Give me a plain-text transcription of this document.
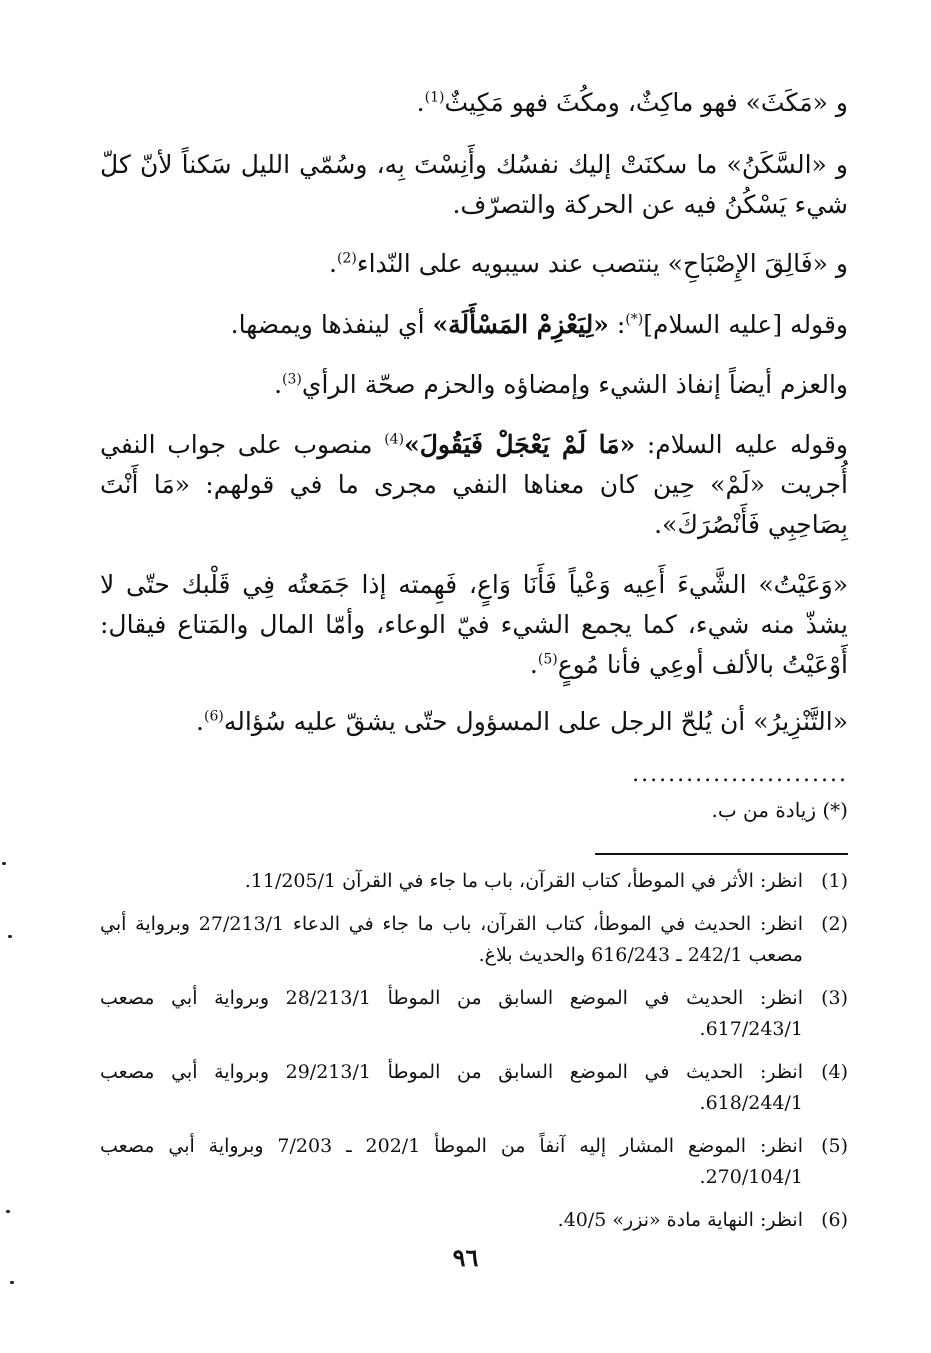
و «مَكَثَ» فهو ماكِثٌ، ومكُثَ فهو مَكِيثٌ$^{(1)}$.

و «السَّكَنُ» ما سكنَتْ إليك نفسُك وأَنِسْتَ بِه، وسُمّي الليل سَكناً لأنّ كلّ شيء يَسْكُنُ فيه عن الحركة والتصرّف.

و «فَالِقَ الإِصْبَاحِ» ينتصب عند سيبويه على النّداء$^{(2)}$.

وقوله [عليه السلام](*): «لِيَعْزِمْ المَسْأَلَة» أي لينفذها ويمضها.

والعزم أيضاً إنفاذ الشيء وإمضاؤه والحزم صحّة الرأي$^{(3)}$.

وقوله عليه السلام: «مَا لَمْ يَعْجَلْ فَيَقُولَ»$^{(4)}$ منصوب على جواب النفي أُجريت «لَمْ» حِين كان معناها النفي مجرى ما في قولهم: «مَا أَنْتَ بِصَاحِبِي فَأَنْصُرَكَ».

«وَعَيْتُ» الشَّيءَ أَعِيه وَعْياً فَأَنَا وَاعٍ، فَهِمته إذا جَمَعتُه فِي قَلْبك حتّى لا يشذّ منه شيء، كما يجمع الشيء فيّ الوعاء، وأمّا المال والمَتاع فيقال: أَوْعَيْتُ بالألف أوعِي فأنا مُوعٍ$^{(5)}$.

«التَّنْزِيرُ» أن يُلحّ الرجل على المسؤول حتّى يشقّ عليه سُؤاله$^{(6)}$.

........................

(*) زيادة من ب.

(1)
انظر: الأثر في الموطأ، كتاب القرآن، باب ما جاء في القرآن 11/205/1.
(2)
انظر: الحديث في الموطأ، كتاب القرآن، باب ما جاء في الدعاء 27/213/1 وبرواية أبي مصعب 242/1 ـ 616/243 والحديث بلاغ.
(3)
انظر: الحديث في الموضع السابق من الموطأ 28/213/1 وبرواية أبي مصعب 617/243/1.
(4)
انظر: الحديث في الموضع السابق من الموطأ 29/213/1 وبرواية أبي مصعب 618/244/1.
(5)
انظر: الموضع المشار إليه آنفاً من الموطأ 202/1 ـ 7/203 وبرواية أبي مصعب 270/104/1.
(6)
انظر: النهاية مادة «نزر» 40/5.
٩٦
